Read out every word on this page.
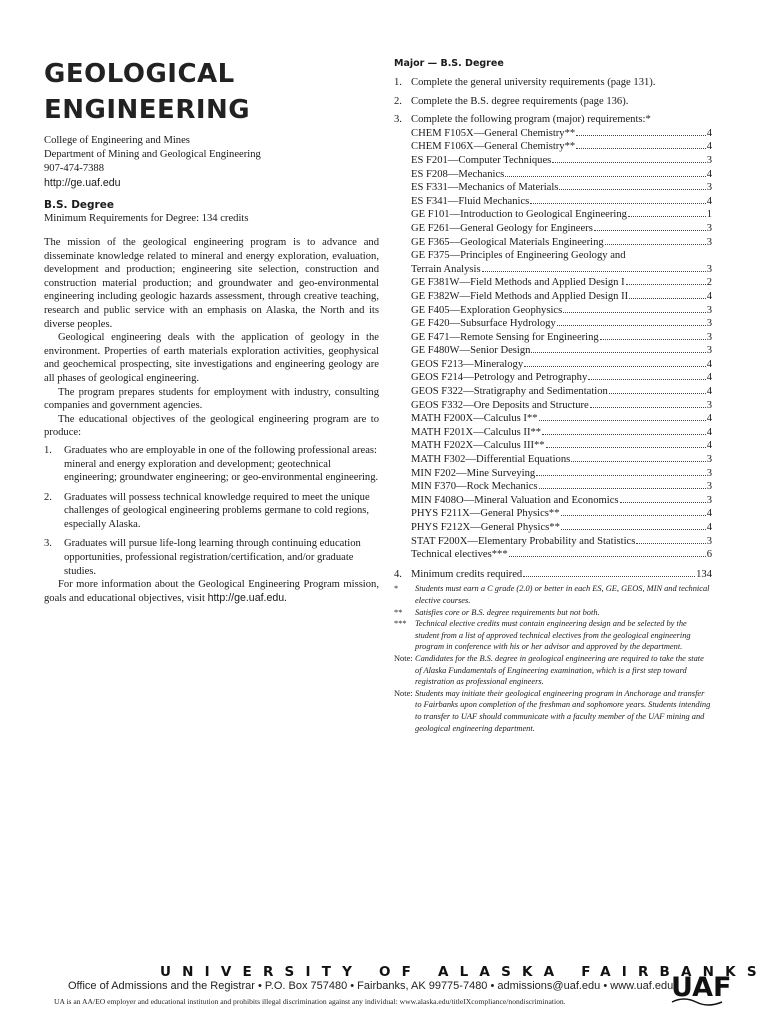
GEOLOGICAL
ENGINEERING
College of Engineering and Mines
Department of Mining and Geological Engineering
907-474-7388
http://ge.uaf.edu
B.S. Degree
Minimum Requirements for Degree: 134 credits

The mission of the geological engineering program is to advance and disseminate knowledge related to mineral and energy exploration, evaluation, development and production; engineering site selection, construction and construction material production; and groundwater and geo-environmental engineering including geologic hazards assessment, through creative teaching, research and public service with an emphasis on Alaska, the North and its diverse peoples.

Geological engineering deals with the application of geology in the environment. Properties of earth materials exploration activities, geophysical and geochemical prospecting, site investigations and engineering geology are all phases of geological engineering.

The program prepares students for employment with industry, consulting companies and government agencies.

The educational objectives of the geological engineering program are to produce:

1. Graduates who are employable in one of the following professional areas: mineral and energy exploration and development; geotechnical engineering; groundwater engineering; or geo-environmental engineering.
2. Graduates will possess technical knowledge required to meet the unique challenges of geological engineering problems germane to cold regions, especially Alaska.
3. Graduates will pursue life-long learning through continuing education opportunities, professional registration/certification, and/or graduate studies.

For more information about the Geological Engineering Program mission, goals and educational objectives, visit http://ge.uaf.edu.

Major — B.S. Degree
1. Complete the general university requirements (page 131).
2. Complete the B.S. degree requirements (page 136).
3. Complete the following program (major) requirements:*
CHEM F105X—General Chemistry**	4
CHEM F106X—General Chemistry**	4
ES F201—Computer Techniques	3
ES F208—Mechanics	4
ES F331—Mechanics of Materials	3
ES F341—Fluid Mechanics	4
GE F101—Introduction to Geological Engineering	1
GE F261—General Geology for Engineers	3
GE F365—Geological Materials Engineering	3
GE F375—Principles of Engineering Geology and
Terrain Analysis	3
GE F381W—Field Methods and Applied Design I	2
GE F382W—Field Methods and Applied Design II	4
GE F405—Exploration Geophysics	3
GE F420—Subsurface Hydrology	3
GE F471—Remote Sensing for Engineering	3
GE F480W—Senior Design	3
GEOS F213—Mineralogy	4
GEOS F214—Petrology and Petrography	4
GEOS F322—Stratigraphy and Sedimentation	4
GEOS F332—Ore Deposits and Structure	3
MATH F200X—Calculus I**	4
MATH F201X—Calculus II**	4
MATH F202X—Calculus III**	4
MATH F302—Differential Equations	3
MIN F202—Mine Surveying	3
MIN F370—Rock Mechanics	3
MIN F408O—Mineral Valuation and Economics	3
PHYS F211X—General Physics**	4
PHYS F212X—General Physics**	4
STAT F200X—Elementary Probability and Statistics	3
Technical electives***	6
4. Minimum credits required	134
* Students must earn a C grade (2.0) or better in each ES, GE, GEOS, MIN and technical elective courses.
** Satisfies core or B.S. degree requirements but not both.
*** Technical elective credits must contain engineering design and be selected by the student from a list of approved technical electives from the geological engineering program in conference with his or her advisor and approved by the department.
Note: Candidates for the B.S. degree in geological engineering are required to take the state of Alaska Fundamentals of Engineering examination, which is a first step toward registration as professional engineers.
Note: Students may initiate their geological engineering program in Anchorage and transfer to Fairbanks upon completion of the freshman and sophomore years. Students intending to transfer to UAF should communicate with a faculty member of the UAF mining and geological engineering department.
UNIVERSITY OF ALASKA FAIRBANKS
Office of Admissions and the Registrar • P.O. Box 757480 • Fairbanks, AK 99775-7480 • admissions@uaf.edu • www.uaf.edu
UA is an AA/EO employer and educational institution and prohibits illegal discrimination against any individual: www.alaska.edu/titleIXcompliance/nondiscrimination.	UAF
